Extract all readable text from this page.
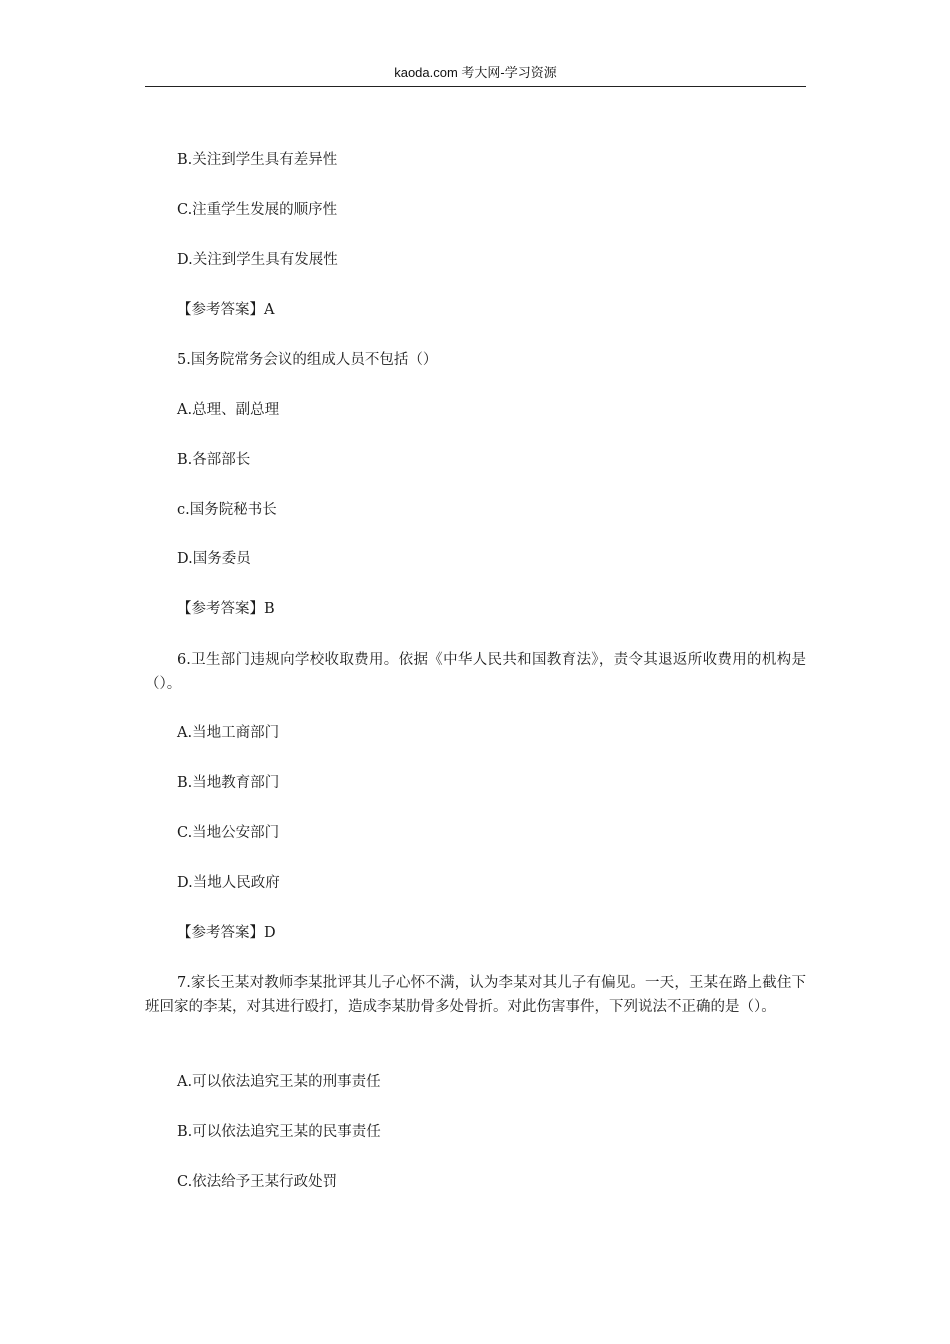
kaoda.com 考大网-学习资源
B.关注到学生具有差异性
C.注重学生发展的顺序性
D.关注到学生具有发展性
【参考答案】A
5.国务院常务会议的组成人员不包括（）
A.总理、副总理
B.各部部长
c.国务院秘书长
D.国务委员
【参考答案】B
6.卫生部门违规向学校收取费用。依据《中华人民共和国教育法》，责令其退返所收费用的机构是（）。
A.当地工商部门
B.当地教育部门
C.当地公安部门
D.当地人民政府
【参考答案】D
7.家长王某对教师李某批评其儿子心怀不满，认为李某对其儿子有偏见。一天，王某在路上截住下班回家的李某，对其进行殴打，造成李某肋骨多处骨折。对此伤害事件，下列说法不正确的是（）。
A.可以依法追究王某的刑事责任
B.可以依法追究王某的民事责任
C.依法给予王某行政处罚
